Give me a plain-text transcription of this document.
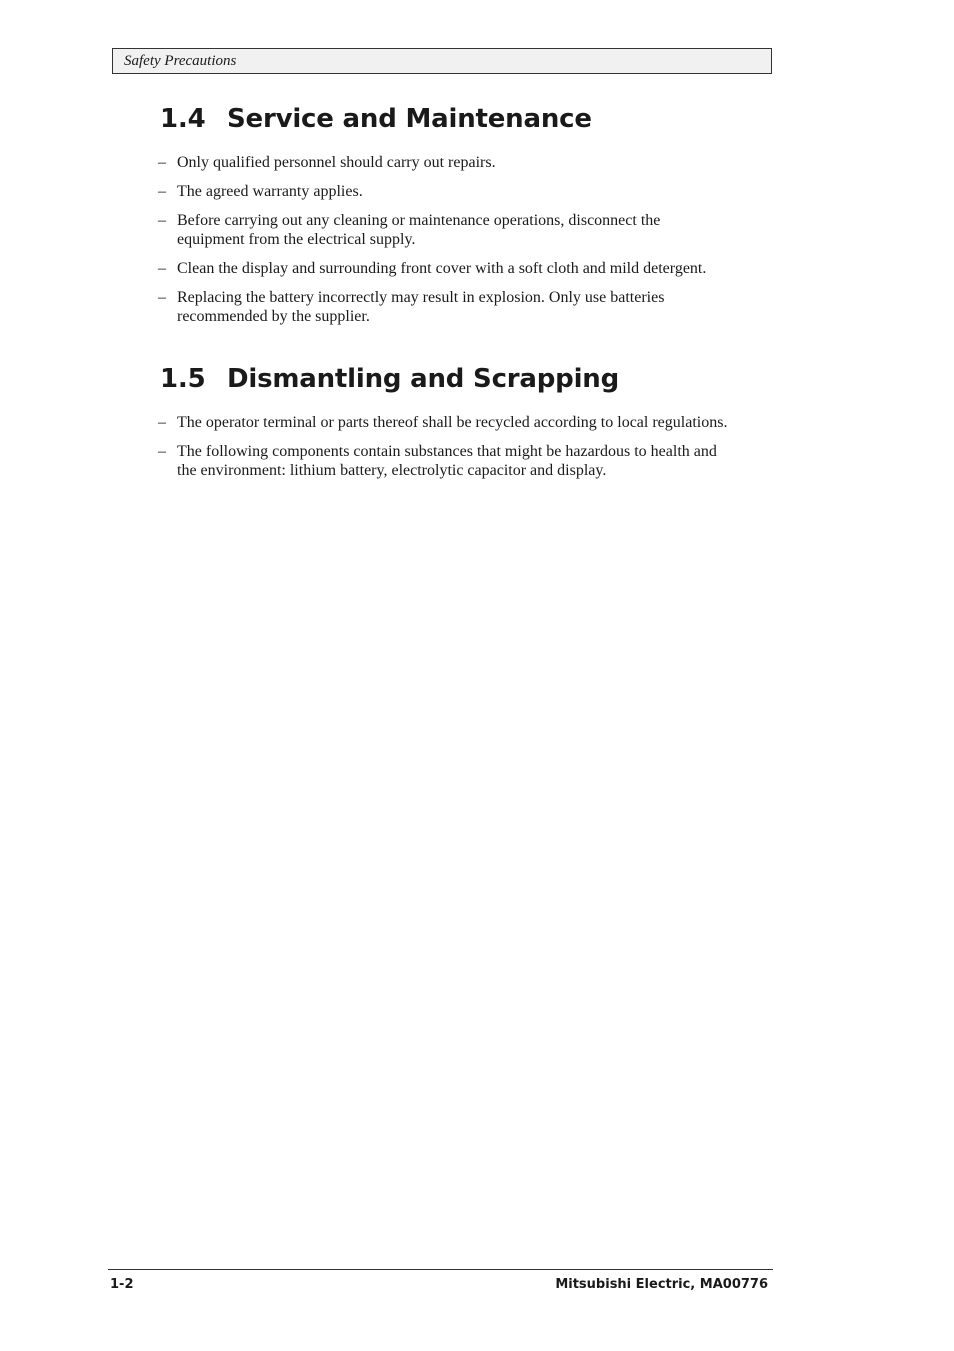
Safety Precautions
1.4 Service and Maintenance
– Only qualified personnel should carry out repairs.
– The agreed warranty applies.
– Before carrying out any cleaning or maintenance operations, disconnect the equipment from the electrical supply.
– Clean the display and surrounding front cover with a soft cloth and mild detergent.
– Replacing the battery incorrectly may result in explosion. Only use batteries recommended by the supplier.
1.5 Dismantling and Scrapping
– The operator terminal or parts thereof shall be recycled according to local regulations.
– The following components contain substances that might be hazardous to health and the environment: lithium battery, electrolytic capacitor and display.
1-2	Mitsubishi Electric, MA00776
